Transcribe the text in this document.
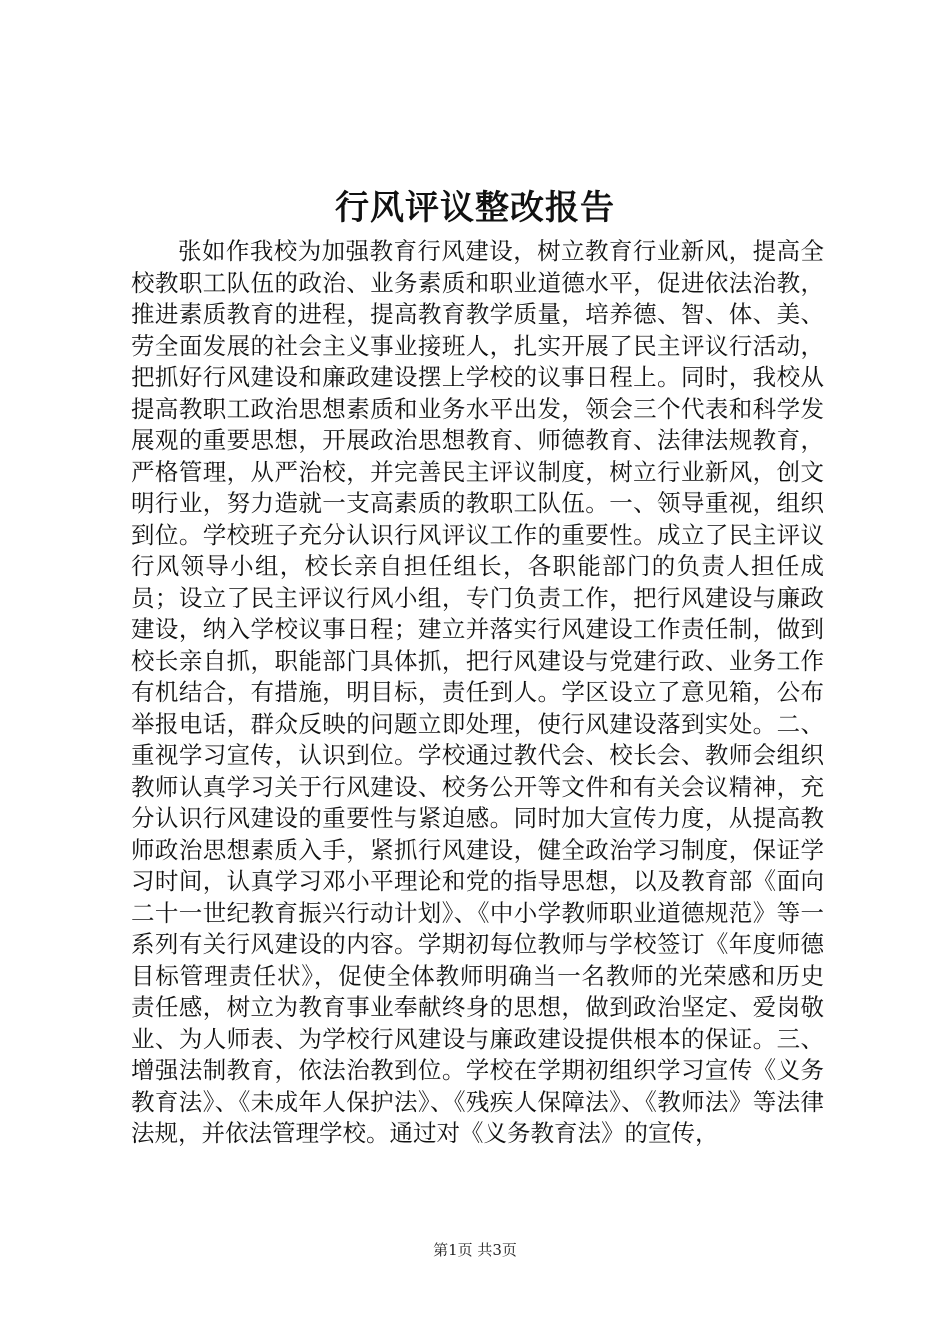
行风评议整改报告

张如作我校为加强教育行风建设，树立教育行业新风，提高全校教职工队伍的政治、业务素质和职业道德水平，促进依法治教，推进素质教育的进程，提高教育教学质量，培养德、智、体、美、劳全面发展的社会主义事业接班人，扎实开展了民主评议行活动，把抓好行风建设和廉政建设摆上学校的议事日程上。同时，我校从提高教职工政治思想素质和业务水平出发，领会三个代表和科学发展观的重要思想，开展政治思想教育、师德教育、法律法规教育，严格管理，从严治校，并完善民主评议制度，树立行业新风，创文明行业，努力造就一支高素质的教职工队伍。一、领导重视，组织到位。学校班子充分认识行风评议工作的重要性。成立了民主评议行风领导小组，校长亲自担任组长，各职能部门的负责人担任成员；设立了民主评议行风小组，专门负责工作，把行风建设与廉政建设，纳入学校议事日程；建立并落实行风建设工作责任制，做到校长亲自抓，职能部门具体抓，把行风建设与党建行政、业务工作有机结合，有措施，明目标，责任到人。学区设立了意见箱，公布举报电话，群众反映的问题立即处理，使行风建设落到实处。二、重视学习宣传，认识到位。学校通过教代会、校长会、教师会组织教师认真学习关于行风建设、校务公开等文件和有关会议精神，充分认识行风建设的重要性与紧迫感。同时加大宣传力度，从提高教师政治思想素质入手，紧抓行风建设，健全政治学习制度，保证学习时间，认真学习邓小平理论和党的指导思想，以及教育部《面向二十一世纪教育振兴行动计划》、《中小学教师职业道德规范》等一系列有关行风建设的内容。学期初每位教师与学校签订《年度师德目标管理责任状》，促使全体教师明确当一名教师的光荣感和历史责任感，树立为教育事业奉献终身的思想，做到政治坚定、爱岗敬业、为人师表、为学校行风建设与廉政建设提供根本的保证。三、增强法制教育，依法治教到位。学校在学期初组织学习宣传《义务教育法》、《未成年人保护法》、《残疾人保障法》、《教师法》等法律法规，并依法管理学校。通过对《义务教育法》的宣传，

第1页 共3页
